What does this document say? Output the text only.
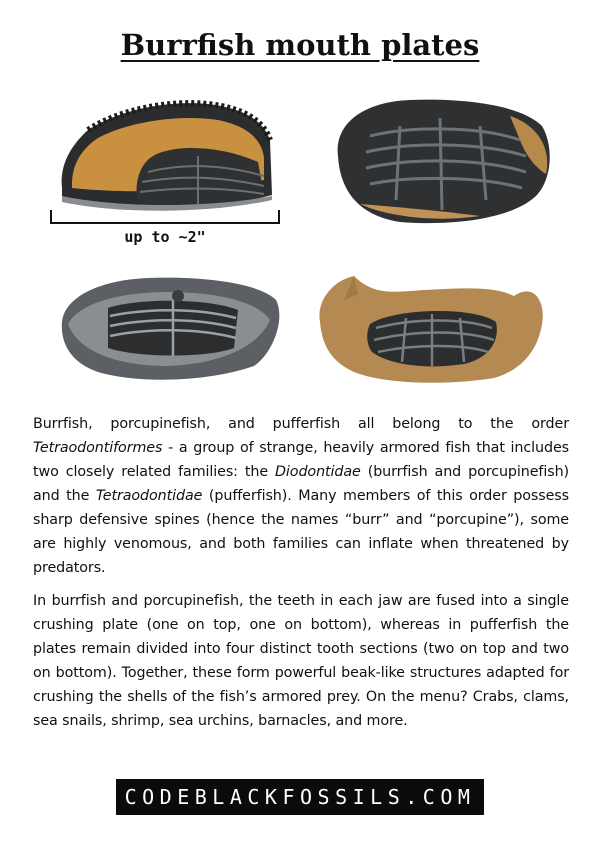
Burrfish mouth plates
up to ~2"

Burrfish, porcupinefish, and pufferfish all belong to the order Tetraodontiformes - a group of strange, heavily armored fish that includes two closely related families: the Diodontidae (burrfish and porcupinefish) and the Tetraodontidae (pufferfish). Many members of this order possess sharp defensive spines (hence the names “burr” and “porcupine”), some are highly venomous, and both families can inflate when threatened by predators.

In burrfish and porcupinefish, the teeth in each jaw are fused into a single crushing plate (one on top, one on bottom), whereas in pufferfish the plates remain divided into four distinct tooth sections (two on top and two on bottom). Together, these form powerful beak-like structures adapted for crushing the shells of the fish’s armored prey. On the menu? Crabs, clams, sea snails, shrimp, sea urchins, barnacles, and more.

CODEBLACKFOSSILS.COM
